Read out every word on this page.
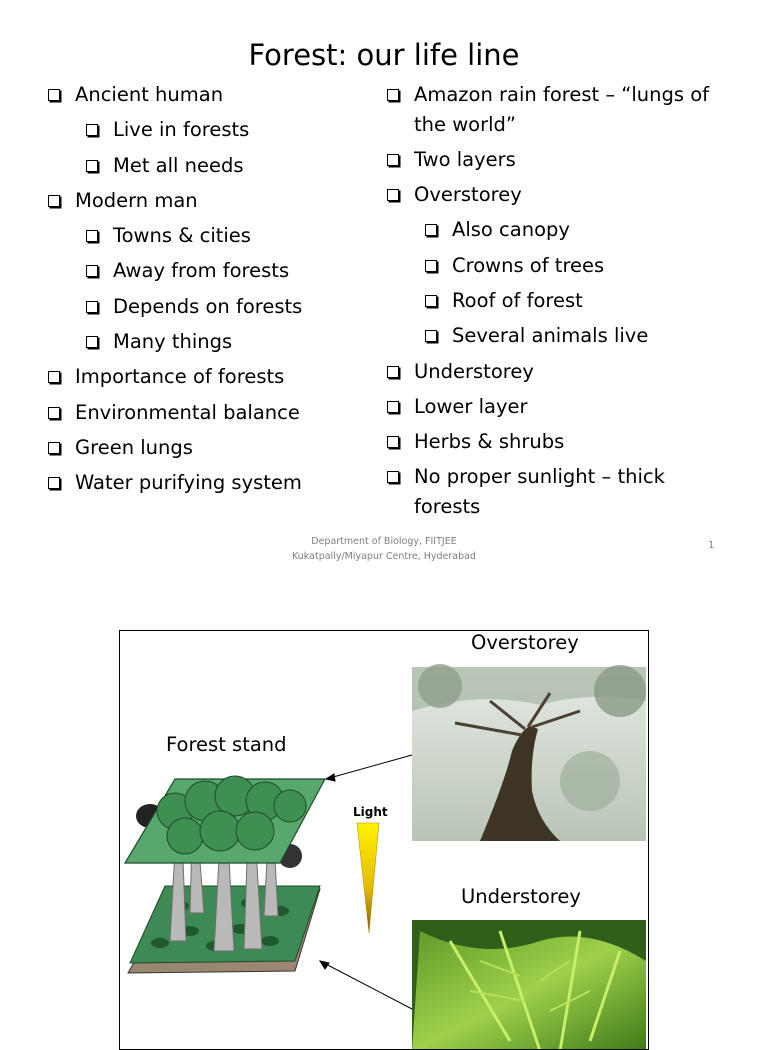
Forest: our life line
Ancient human
Live in forests
Met all needs
Modern man
Towns & cities
Away from forests
Depends on forests
Many things
Importance of forests
Environmental balance
Green lungs
Water purifying system
Amazon rain forest – “lungs of the world”
Two layers
Overstorey
Also canopy
Crowns of trees
Roof of forest
Several animals live
Understorey
Lower layer
Herbs & shrubs
No proper sunlight – thick forests
Department of Biology, FIITJEE
Kukatpally/Miyapur Centre, Hyderabad
1
Overstorey
Forest stand
Understorey
Light
